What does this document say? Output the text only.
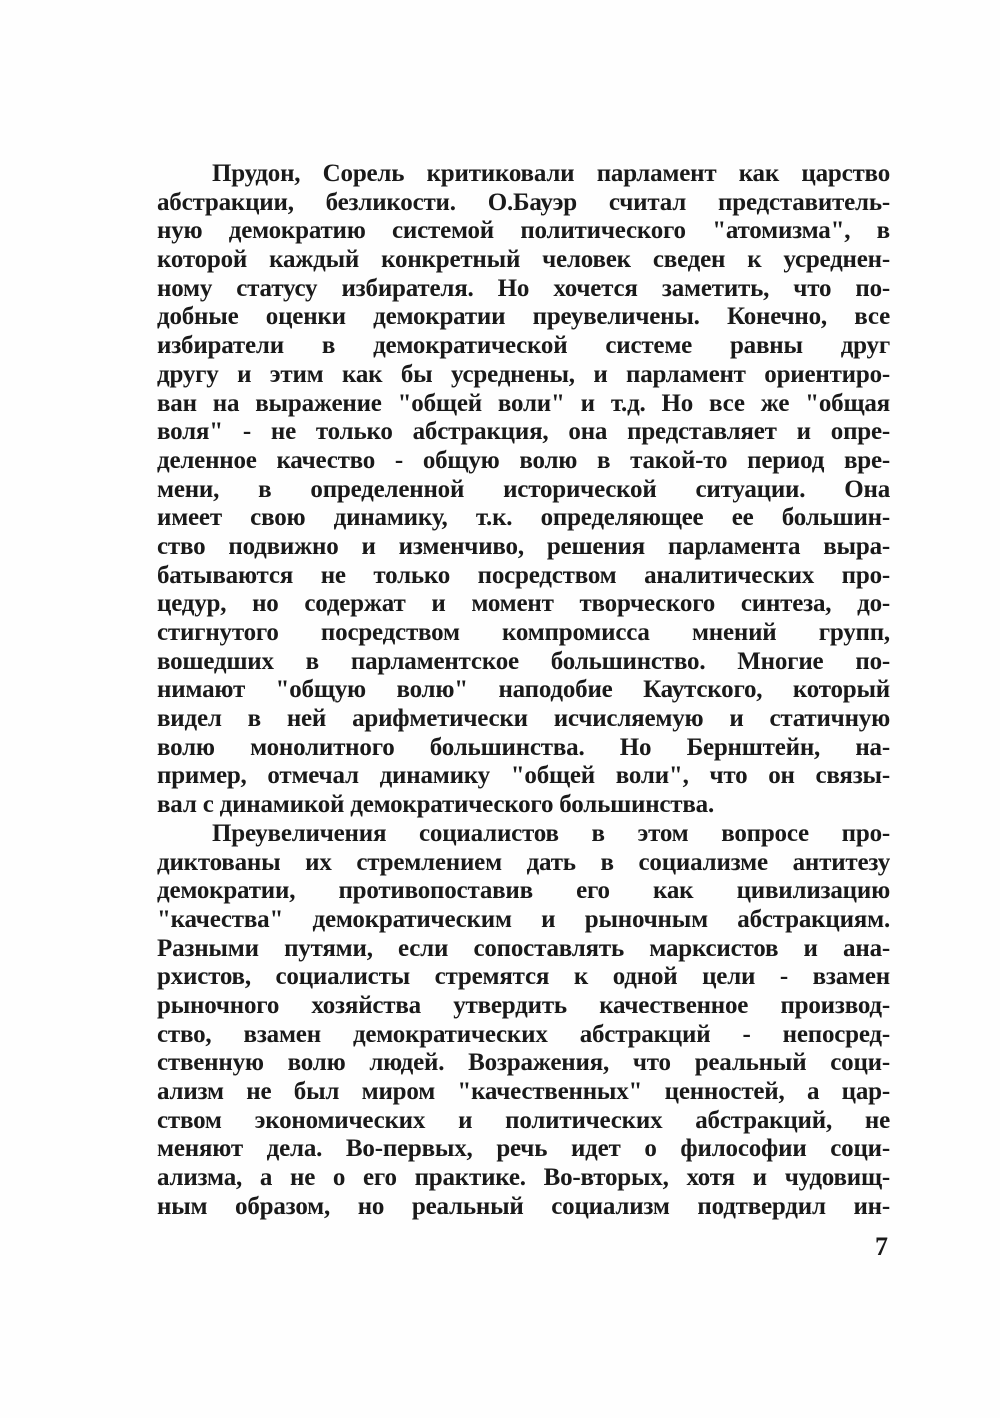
Прудон, Сорель критиковали парламент как царство
абстракции, безликости. О.Бауэр считал представитель-
ную демократию системой политического "атомизма", в
которой каждый конкретный человек сведен к усреднен-
ному статусу избирателя. Но хочется заметить, что по-
добные оценки демократии преувеличены. Конечно, все
избиратели в демократической системе равны друг
другу и этим как бы усреднены, и парламент ориентиро-
ван на выражение "общей воли" и т.д. Но все же "общая
воля" - не только абстракция, она представляет и опре-
деленное качество - общую волю в такой-то период вре-
мени, в определенной исторической ситуации. Она
имеет свою динамику, т.к. определяющее ее большин-
ство подвижно и изменчиво, решения парламента выра-
батываются не только посредством аналитических про-
цедур, но содержат и момент творческого синтеза, до-
стигнутого посредством компромисса мнений групп,
вошедших в парламентское большинство. Многие по-
нимают "общую волю" наподобие Каутского, который
видел в ней арифметически исчисляемую и статичную
волю монолитного большинства. Но Бернштейн, на-
пример, отмечал динамику "общей воли", что он связы-
вал с динамикой демократического большинства.
Преувеличения социалистов в этом вопросе про-
диктованы их стремлением дать в социализме антитезу
демократии, противопоставив его как цивилизацию
"качества" демократическим и рыночным абстракциям.
Разными путями, если сопоставлять марксистов и ана-
рхистов, социалисты стремятся к одной цели - взамен
рыночного хозяйства утвердить качественное производ-
ство, взамен демократических абстракций - непосред-
ственную волю людей. Возражения, что реальный соци-
ализм не был миром "качественных" ценностей, а цар-
ством экономических и политических абстракций, не
меняют дела. Во-первых, речь идет о философии соци-
ализма, а не о его практике. Во-вторых, хотя и чудовищ-
ным образом, но реальный социализм подтвердил ин-
7
